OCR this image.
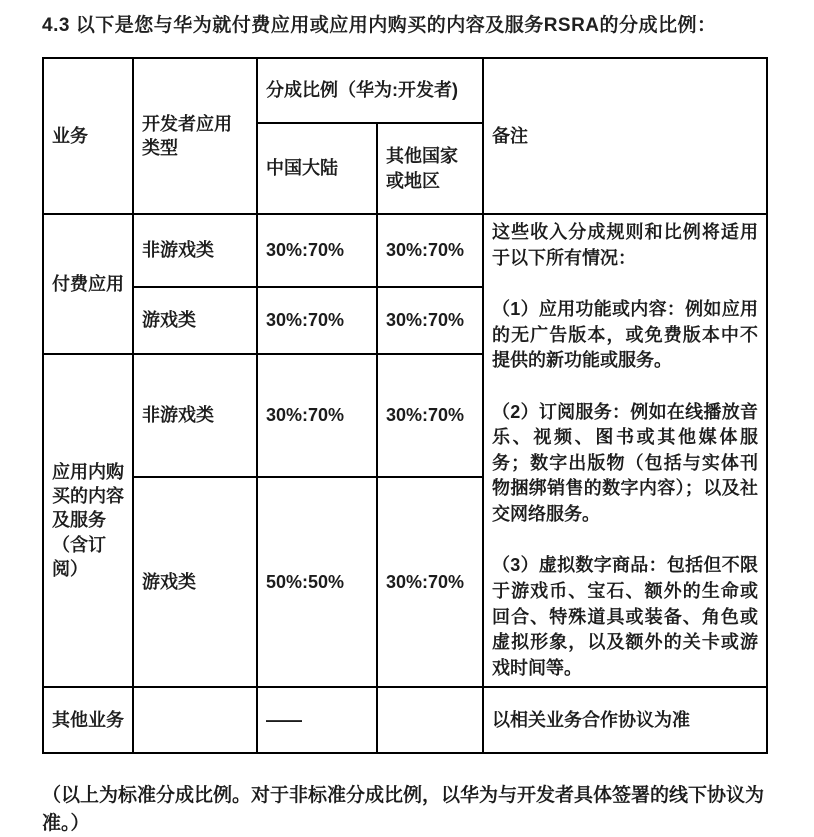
4.3 以下是您与华为就付费应用或应用内购买的内容及服务RSRA的分成比例：
业务	开发者应用类型	分成比例（华为:开发者)		备注
		中国大陆	其他国家或地区	
付费应用	非游戏类	30%:70%	30%:70%	这些收入分成规则和比例将适用于以下所有情况：

（1）应用功能或内容：例如应用的无广告版本，或免费版本中不提供的新功能或服务。

（2）订阅服务：例如在线播放音乐、视频、图书或其他媒体服务；数字出版物（包括与实体刊物捆绑销售的数字内容）；以及社交网络服务。

（3）虚拟数字商品：包括但不限于游戏币、宝石、额外的生命或回合、特殊道具或装备、角色或虚拟形象，以及额外的关卡或游戏时间等。

	游戏类	30%:70%	30%:70%	
应用内购买的内容及服务（含订阅）	非游戏类	30%:70%	30%:70%	
	游戏类	50%:50%	30%:70%	
其他业务		——		以相关业务合作协议为准

（以上为标准分成比例。对于非标准分成比例，以华为与开发者具体签署的线下协议为准。）
